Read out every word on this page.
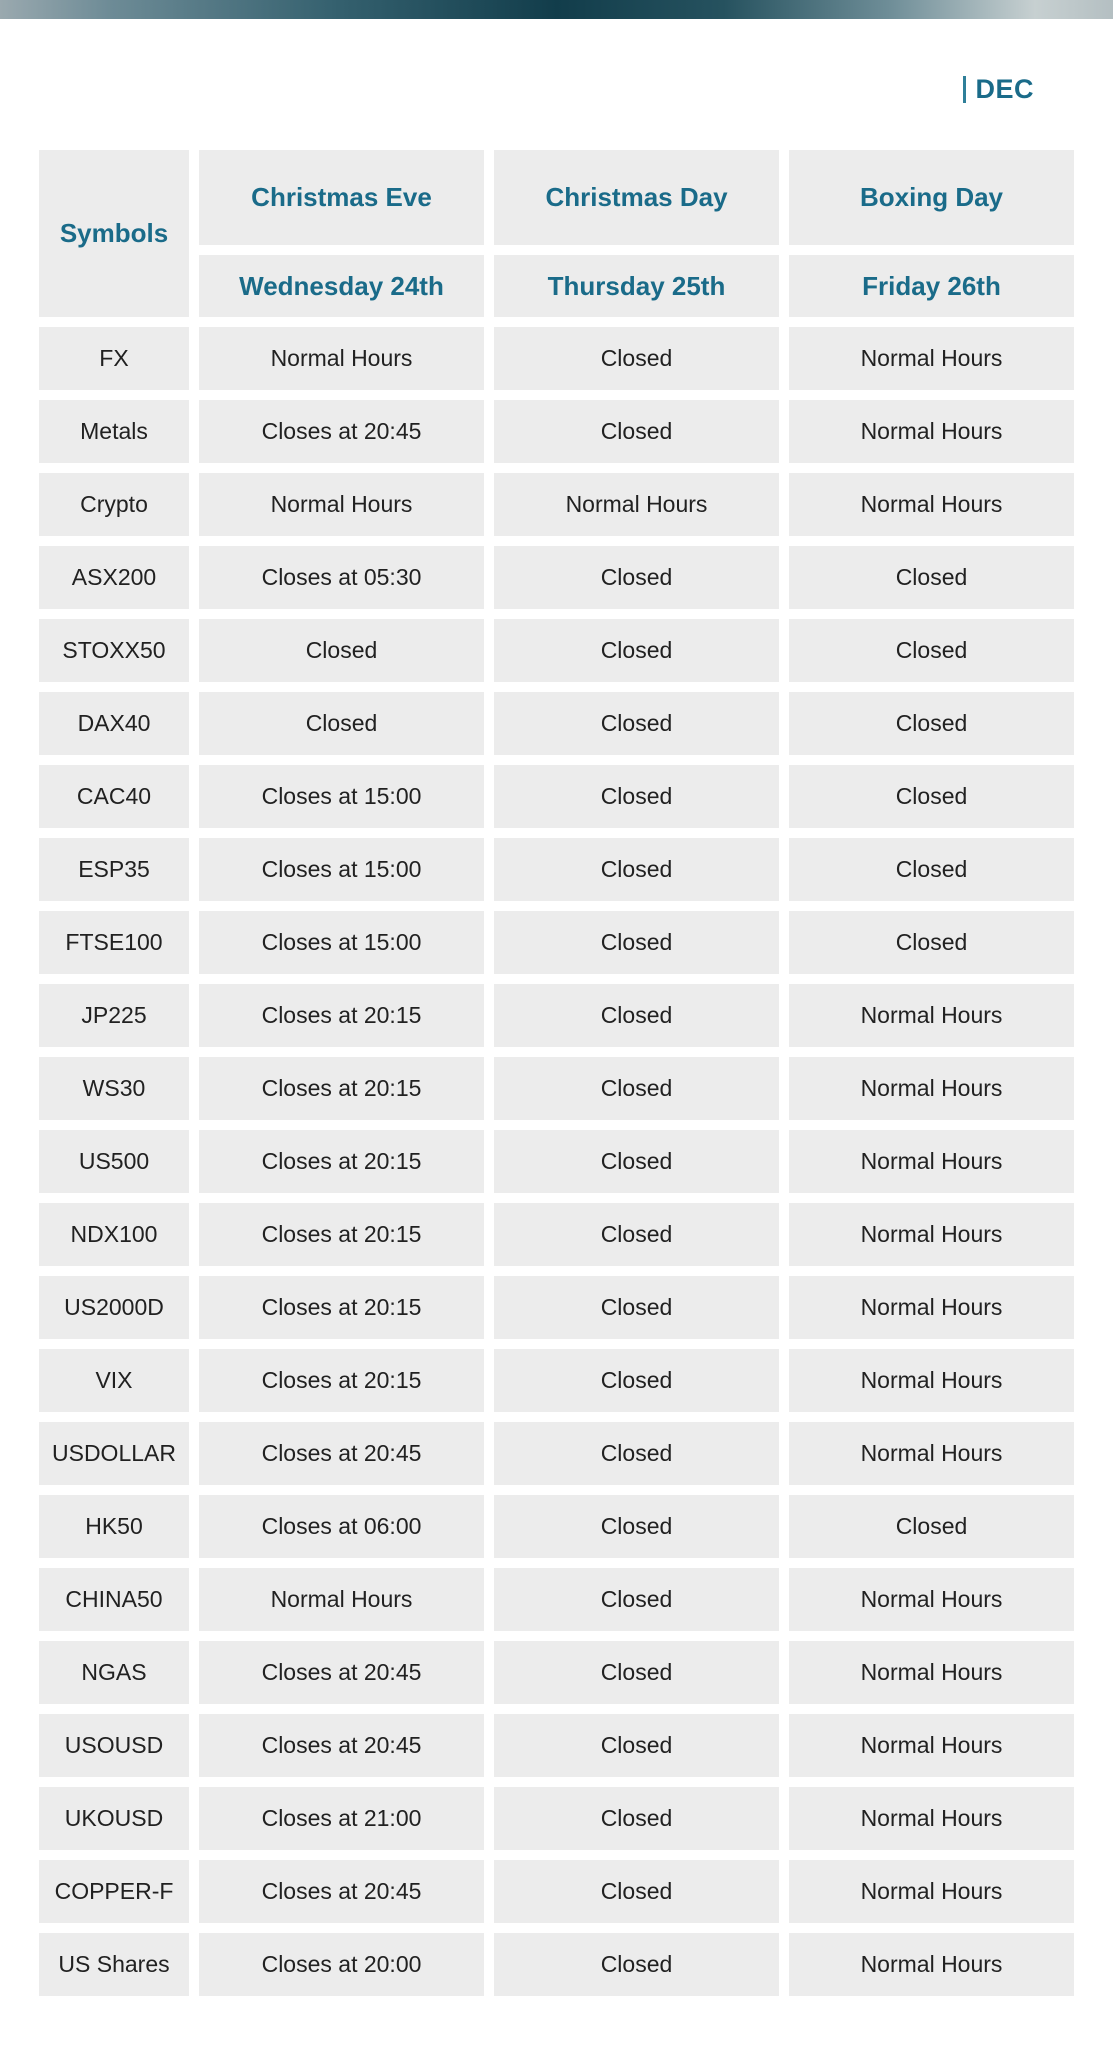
DEC
Symbols
Christmas Eve	Christmas Day	Boxing Day
Wednesday 24th	Thursday 25th	Friday 26th
FX	Normal Hours	Closed	Normal Hours
Metals	Closes at 20:45	Closed	Normal Hours
Crypto	Normal Hours	Normal Hours	Normal Hours
ASX200	Closes at 05:30	Closed	Closed
STOXX50	Closed	Closed	Closed
DAX40	Closed	Closed	Closed
CAC40	Closes at 15:00	Closed	Closed
ESP35	Closes at 15:00	Closed	Closed
FTSE100	Closes at 15:00	Closed	Closed
JP225	Closes at 20:15	Closed	Normal Hours
WS30	Closes at 20:15	Closed	Normal Hours
US500	Closes at 20:15	Closed	Normal Hours
NDX100	Closes at 20:15	Closed	Normal Hours
US2000D	Closes at 20:15	Closed	Normal Hours
VIX	Closes at 20:15	Closed	Normal Hours
USDOLLAR	Closes at 20:45	Closed	Normal Hours
HK50	Closes at 06:00	Closed	Closed
CHINA50	Normal Hours	Closed	Normal Hours
NGAS	Closes at 20:45	Closed	Normal Hours
USOUSD	Closes at 20:45	Closed	Normal Hours
UKOUSD	Closes at 21:00	Closed	Normal Hours
COPPER-F	Closes at 20:45	Closed	Normal Hours
US Shares	Closes at 20:00	Closed	Normal Hours
